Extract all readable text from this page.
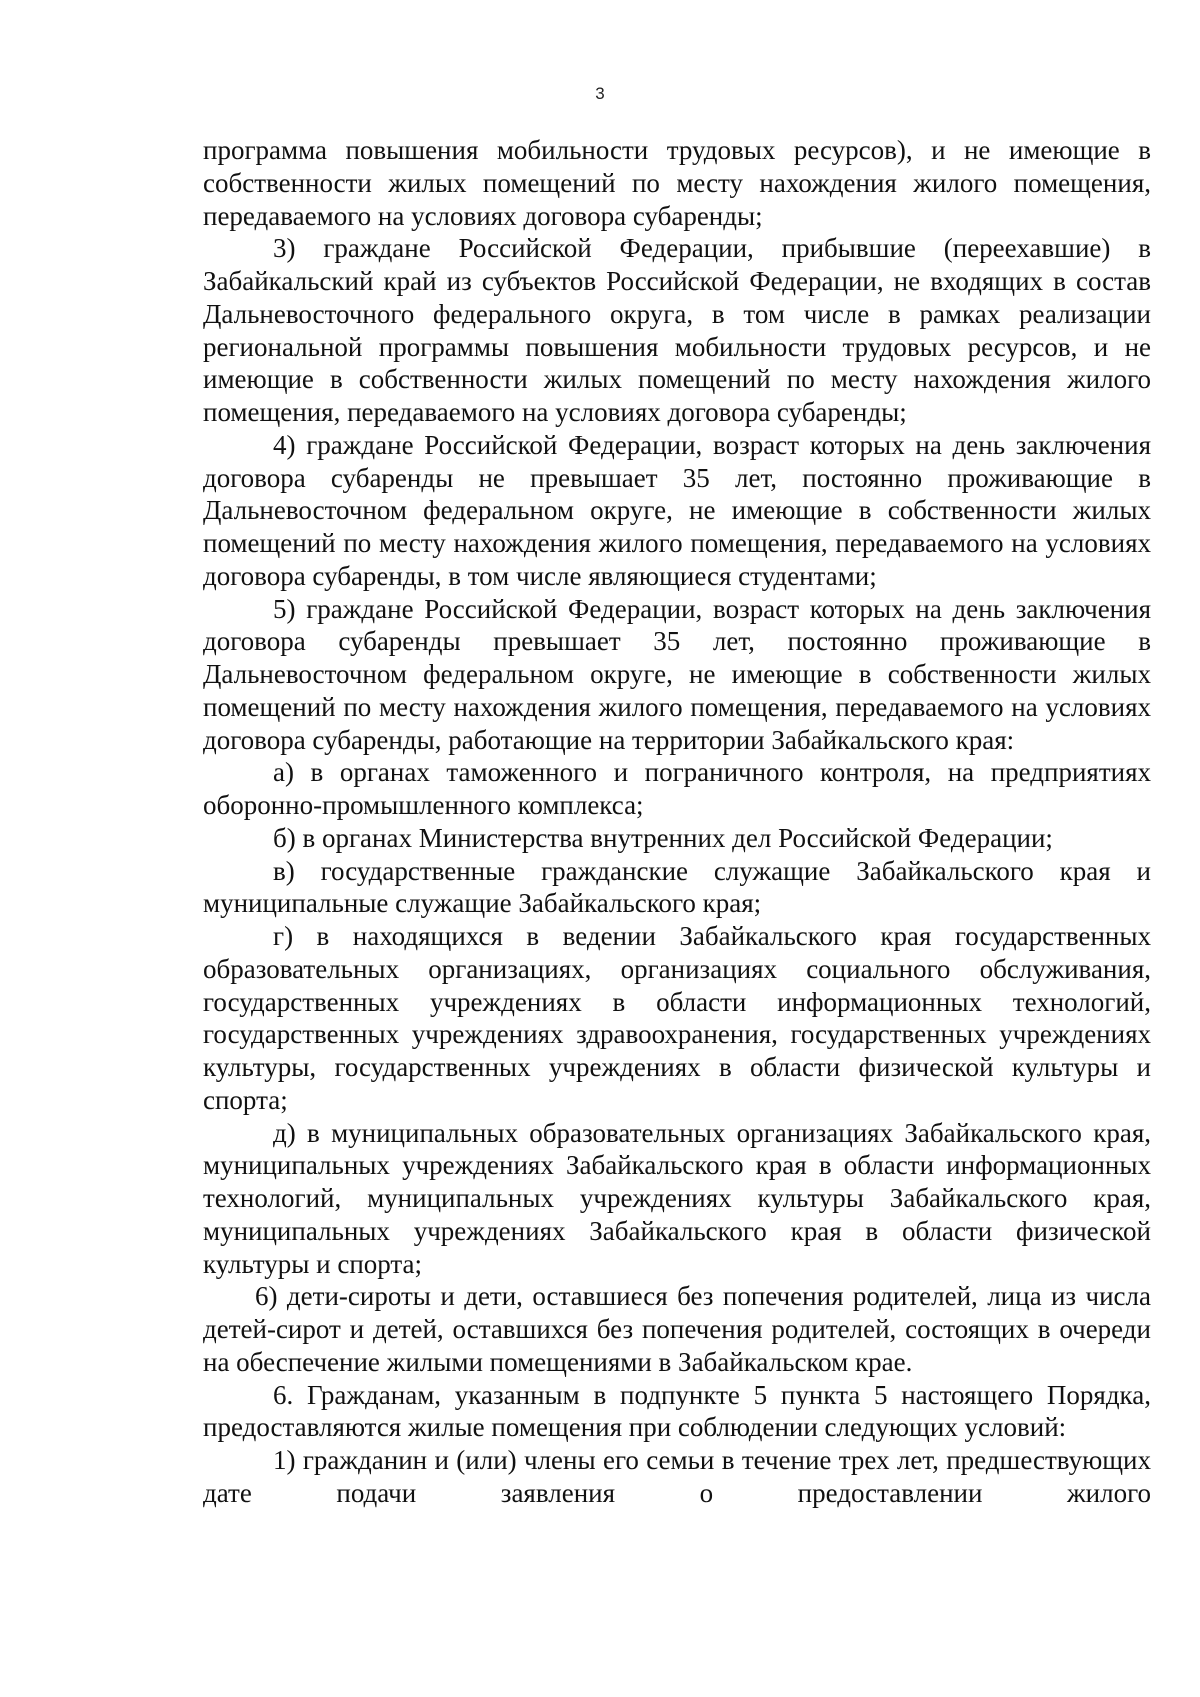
3

программа повышения мобильности трудовых ресурсов), и не имеющие в собственности жилых помещений по месту нахождения жилого помещения, передаваемого на условиях договора субаренды;

3) граждане Российской Федерации, прибывшие (переехавшие) в Забайкальский край из субъектов Российской Федерации, не входящих в состав Дальневосточного федерального округа, в том числе в рамках реализации региональной программы повышения мобильности трудовых ресурсов, и не имеющие в собственности жилых помещений по месту нахождения жилого помещения, передаваемого на условиях договора субаренды;

4) граждане Российской Федерации, возраст которых на день заключения договора субаренды не превышает 35 лет, постоянно проживающие в Дальневосточном федеральном округе, не имеющие в собственности жилых помещений по месту нахождения жилого помещения, передаваемого на условиях договора субаренды, в том числе являющиеся студентами;

5) граждане Российской Федерации, возраст которых на день заключения договора субаренды превышает 35 лет, постоянно проживающие в Дальневосточном федеральном округе, не имеющие в собственности жилых помещений по месту нахождения жилого помещения, передаваемого на условиях договора субаренды, работающие на территории Забайкальского края:

а) в органах таможенного и пограничного контроля, на предприятиях оборонно-промышленного комплекса;

б) в органах Министерства внутренних дел Российской Федерации;

в) государственные гражданские служащие Забайкальского края и муниципальные служащие Забайкальского края;

г) в находящихся в ведении Забайкальского края государственных образовательных организациях, организациях социального обслуживания, государственных учреждениях в области информационных технологий, государственных учреждениях здравоохранения, государственных учреждениях культуры, государственных учреждениях в области физической культуры и спорта;

д) в муниципальных образовательных организациях Забайкальского края, муниципальных учреждениях Забайкальского края в области информационных технологий, муниципальных учреждениях культуры Забайкальского края, муниципальных учреждениях Забайкальского края в области физической культуры и спорта;

6) дети-сироты и дети, оставшиеся без попечения родителей, лица из числа детей-сирот и детей, оставшихся без попечения родителей, состоящих в очереди на обеспечение жилыми помещениями в Забайкальском крае.

6. Гражданам, указанным в подпункте 5 пункта 5 настоящего Порядка, предоставляются жилые помещения при соблюдении следующих условий:

1) гражданин и (или) члены его семьи в течение трех лет, предшествующих дате подачи заявления о предоставлении жилого
